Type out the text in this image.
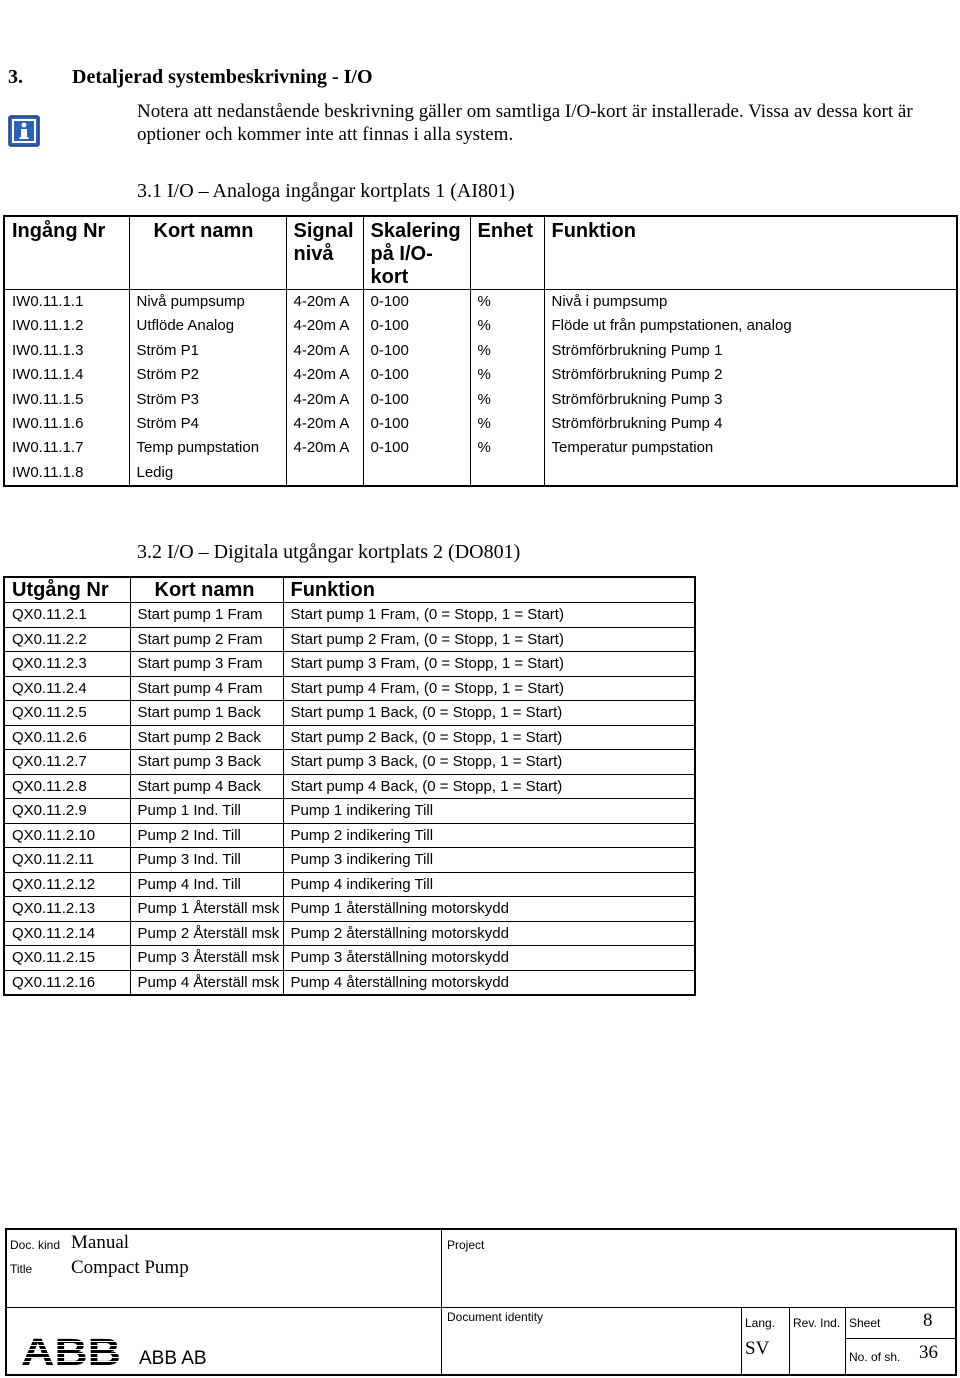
3. Detaljerad systembeskrivning - I/O
Notera att nedanstående beskrivning gäller om samtliga I/O-kort är installerade. Vissa av dessa kort är optioner och kommer inte att finnas i alla system.
3.1 I/O – Analoga ingångar kortplats 1 (AI801)
Ingång Nr	Kort namn	Signal nivå	Skalering på I/O-kort	Enhet	Funktion
IW0.11.1.1	Nivå pumpsump	4-20m A	0-100	%	Nivå i pumpsump
IW0.11.1.2	Utflöde Analog	4-20m A	0-100	%	Flöde ut från pumpstationen, analog
IW0.11.1.3	Ström P1	4-20m A	0-100	%	Strömförbrukning Pump 1
IW0.11.1.4	Ström P2	4-20m A	0-100	%	Strömförbrukning Pump 2
IW0.11.1.5	Ström P3	4-20m A	0-100	%	Strömförbrukning Pump 3
IW0.11.1.6	Ström P4	4-20m A	0-100	%	Strömförbrukning Pump 4
IW0.11.1.7	Temp pumpstation	4-20m A	0-100	%	Temperatur pumpstation
IW0.11.1.8	Ledig				
3.2 I/O – Digitala utgångar kortplats 2 (DO801)
Utgång Nr	Kort namn	Funktion
QX0.11.2.1	Start pump 1 Fram	Start pump 1 Fram, (0 = Stopp, 1 = Start)
QX0.11.2.2	Start pump 2 Fram	Start pump 2 Fram, (0 = Stopp, 1 = Start)
QX0.11.2.3	Start pump 3 Fram	Start pump 3 Fram, (0 = Stopp, 1 = Start)
QX0.11.2.4	Start pump 4 Fram	Start pump 4 Fram, (0 = Stopp, 1 = Start)
QX0.11.2.5	Start pump 1 Back	Start pump 1 Back, (0 = Stopp, 1 = Start)
QX0.11.2.6	Start pump 2 Back	Start pump 2 Back, (0 = Stopp, 1 = Start)
QX0.11.2.7	Start pump 3 Back	Start pump 3 Back, (0 = Stopp, 1 = Start)
QX0.11.2.8	Start pump 4 Back	Start pump 4 Back, (0 = Stopp, 1 = Start)
QX0.11.2.9	Pump 1 Ind. Till	Pump 1 indikering Till
QX0.11.2.10	Pump 2 Ind. Till	Pump 2 indikering Till
QX0.11.2.11	Pump 3 Ind. Till	Pump 3 indikering Till
QX0.11.2.12	Pump 4 Ind. Till	Pump 4 indikering Till
QX0.11.2.13	Pump 1 Återställ msk	Pump 1 återställning motorskydd
QX0.11.2.14	Pump 2 Återställ msk	Pump 2 återställning motorskydd
QX0.11.2.15	Pump 3 Återställ msk	Pump 3 återställning motorskydd
QX0.11.2.16	Pump 4 Återställ msk	Pump 4 återställning motorskydd
Doc. kind Manual
Title Compact Pump
Project
Document identity
ABB ABB AB
Lang.
SV
Rev. Ind. Sheet 8
No. of sh. 36
